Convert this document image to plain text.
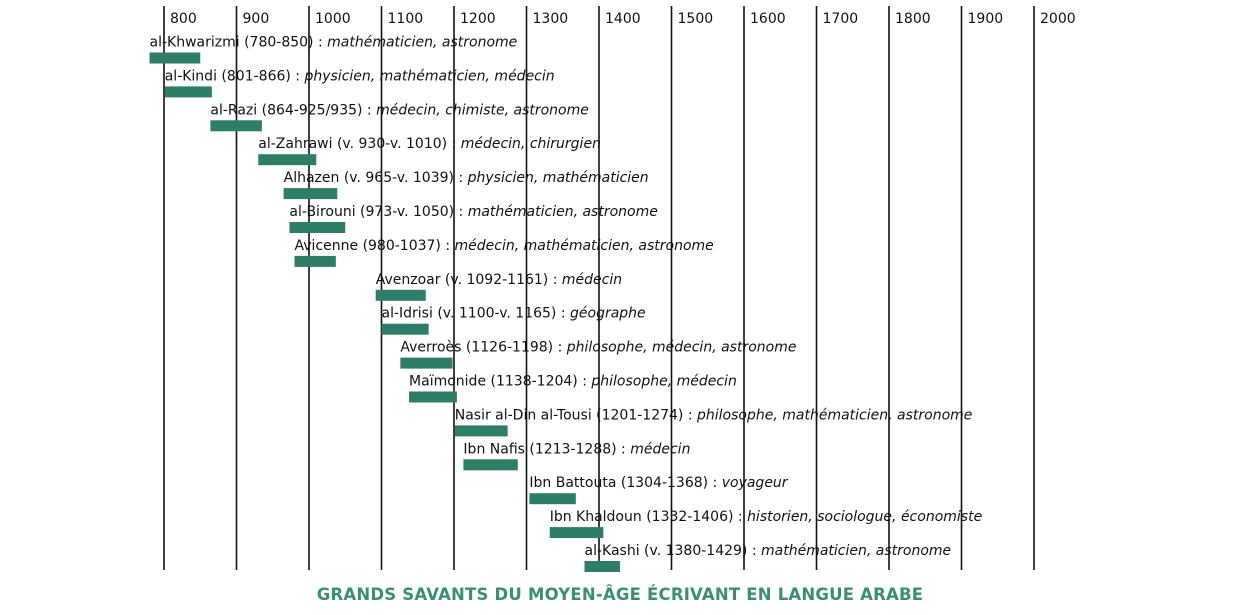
800	900	1000	1100	1200	1300	1400	1500	1600	1700	1800	1900	2000
al-Khwarizmi (780-850) : mathématicien, astronome
al-Kindi (801-866) : physicien, mathématicien, médecin
al-Razi (864-925/935) : médecin, chimiste, astronome
al-Zahrawi (v. 930-v. 1010) : médecin, chirurgien
Alhazen (v. 965-v. 1039) : physicien, mathématicien
al-Birouni (973-v. 1050) : mathématicien, astronome
Avicenne (980-1037) : médecin, mathématicien, astronome
Avenzoar (v. 1092-1161) : médecin
al-Idrisi (v. 1100-v. 1165) : géographe
Averroès (1126-1198) : philosophe, médecin, astronome
Maïmonide (1138-1204) : philosophe, médecin
Nasir al-Din al-Tousi (1201-1274) : philosophe, mathématicien, astronome
Ibn Nafis (1213-1288) : médecin
Ibn Battouta (1304-1368) : voyageur
Ibn Khaldoun (1332-1406) : historien, sociologue, économiste
al-Kashi (v. 1380-1429) : mathématicien, astronome
GRANDS SAVANTS DU MOYEN-ÂGE ÉCRIVANT EN LANGUE ARABE
